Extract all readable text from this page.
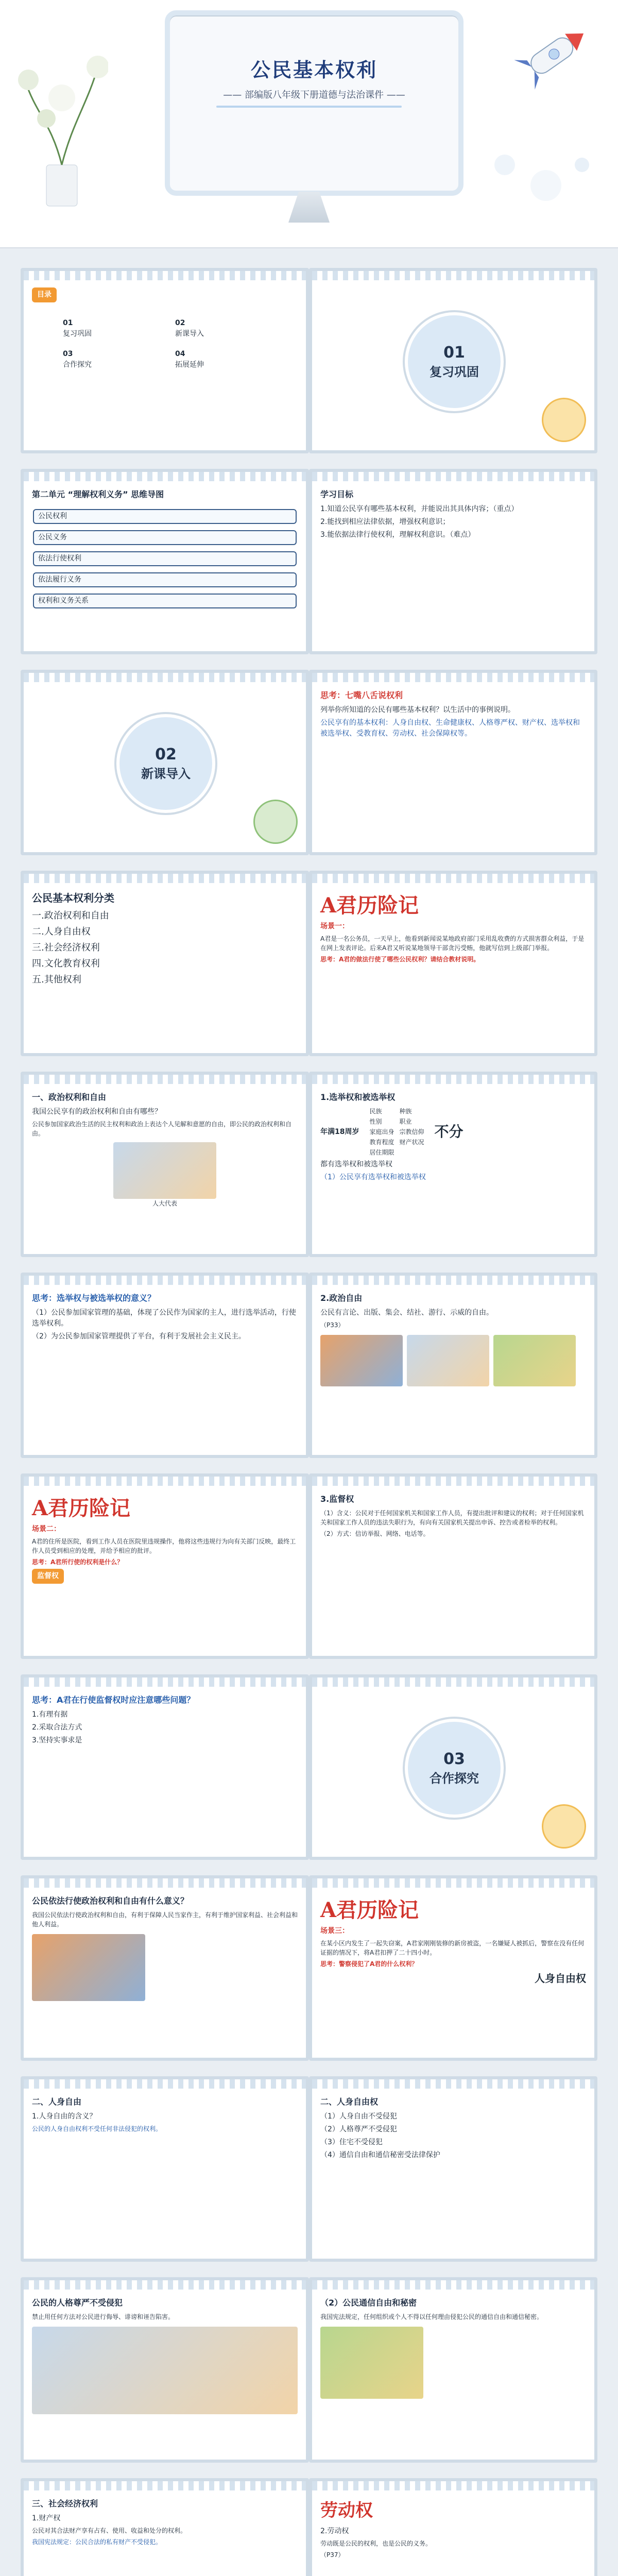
公民基本权利
—— 部编版八年级下册道德与法治课件 ——
目录
01
复习巩固
02
新课导入
03
合作探究
04
拓展延伸
01
复习巩固
第二单元 “理解权利义务” 思维导图
公民权利
公民义务
依法行使权利
依法履行义务
权利和义务关系
学习目标
1.知道公民享有哪些基本权利，并能说出其具体内容；（重点）
2.能找到相应法律依据，增强权利意识；
3.能依据法律行使权利，理解权利意识。（难点）
02
新课导入
思考：七嘴八舌说权利
列举你所知道的公民有哪些基本权利？以生活中的事例说明。
公民享有的基本权利：人身自由权、生命健康权、人格尊严权、财产权、选举权和被选举权、受教育权、劳动权、社会保障权等。
公民基本权利分类
一.政治权利和自由
二.人身自由权
三.社会经济权利
四.文化教育权利
五.其他权利
A君历险记
场景一：
A君是一名公务员，一天早上，他看到新闻说某地政府部门采用乱收费的方式损害群众利益，于是在网上发表评论。后来A君又听说某地领导干部贪污受贿，他就写信到上级部门举报。
思考：A君的做法行使了哪些公民权利？请结合教材说明。
一、政治权利和自由
我国公民享有的政治权利和自由有哪些？
公民参加国家政治生活的民主权利和政治上表达个人见解和意愿的自由，即公民的政治权利和自由。
人大代表
1.选举权和被选举权
年满18周岁
民族	种族
性别	职业
家庭出身 宗教信仰
教育程度 财产状况
居住期限
不分
都有选举权和被选举权
（1）公民享有选举权和被选举权
思考：选举权与被选举权的意义？
（1）公民参加国家管理的基础，体现了公民作为国家的主人，进行选举活动，行使选举权利。
（2）为公民参加国家管理提供了平台，有利于发展社会主义民主。
2.政治自由
公民有言论、出版、集会、结社、游行、示威的自由。
（P33）
A君历险记
场景二：
A君的住所是医院，看到工作人员在医院里违规操作，他将这些违规行为向有关部门反映，最终工作人员受到相应的处理，并给予相应的批评。
思考：A君所行使的权利是什么？
监督权
3.监督权
（1）含义：公民对于任何国家机关和国家工作人员，有提出批评和建议的权利；对于任何国家机关和国家工作人员的违法失职行为，有向有关国家机关提出申诉、控告或者检举的权利。
（2）方式：信访举报、网络、电话等。
思考：A君在行使监督权时应注意哪些问题？
1.有理有据
2.采取合法方式
3.坚持实事求是
03
合作探究
公民依法行使政治权利和自由有什么意义？
我国公民依法行使政治权利和自由，有利于保障人民当家作主，有利于维护国家利益、社会利益和他人利益。
A君历险记
场景三：
在某小区内发生了一起失窃案，A君家刚刚装修的新房被盗，一名嫌疑人被抓后，警察在没有任何证据的情况下，将A君扣押了二十四小时。
思考：警察侵犯了A君的什么权利？
人身自由权
二、人身自由
1.人身自由的含义？
公民的人身自由权利不受任何非法侵犯的权利。
二、人身自由权
（1）人身自由不受侵犯
（2）人格尊严不受侵犯
（3）住宅不受侵犯
（4）通信自由和通信秘密受法律保护
公民的人格尊严不受侵犯
禁止用任何方法对公民进行侮辱、诽谤和诬告陷害。
（2）公民通信自由和秘密
我国宪法规定，任何组织或个人不得以任何理由侵犯公民的通信自由和通信秘密。
三、社会经济权利
1.财产权
公民对其合法财产享有占有、使用、收益和处分的权利。
我国宪法规定：公民合法的私有财产不受侵犯。
劳动权
2.劳动权
劳动既是公民的权利，也是公民的义务。
（P37）
